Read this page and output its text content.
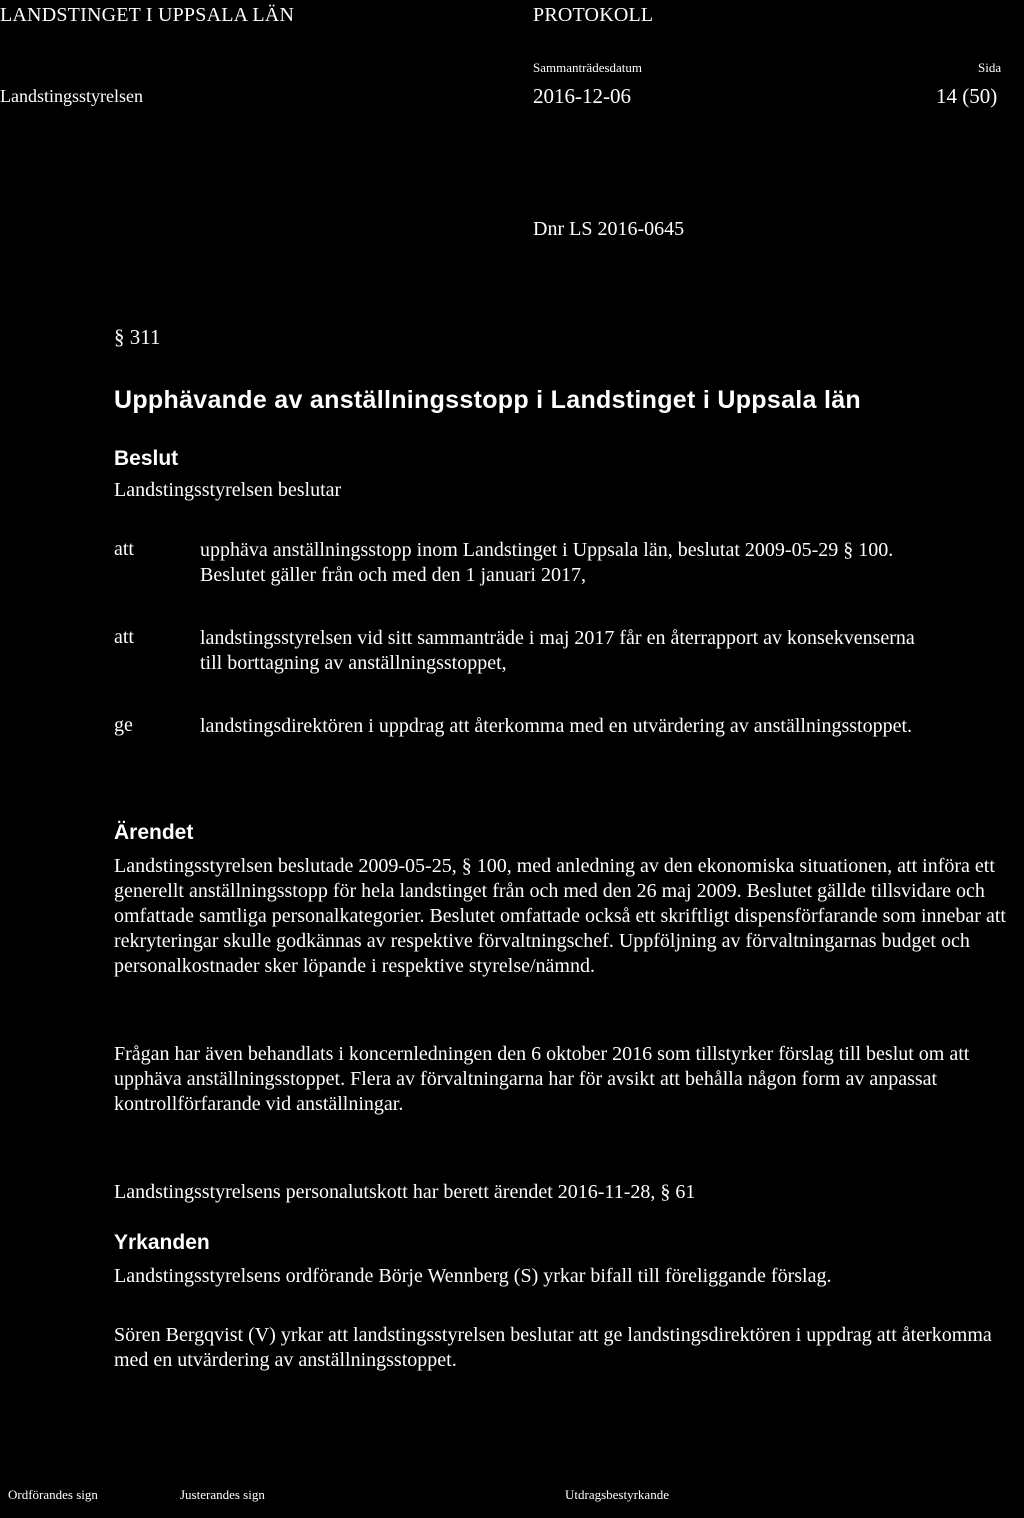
LANDSTINGET I UPPSALA LÄN	PROTOKOLL
Sammanträdesdatum	Sida
Landstingsstyrelsen	2016-12-06	14 (50)
Dnr LS 2016-0645
§ 311
Upphävande av anställningsstopp i Landstinget i Uppsala län
Beslut
Landstingsstyrelsen beslutar
att	upphäva anställningsstopp inom Landstinget i Uppsala län, beslutat 2009-05-29 § 100. Beslutet gäller från och med den 1 januari 2017,
att	landstingsstyrelsen vid sitt sammanträde i maj 2017 får en återrapport av konsekvenserna till borttagning av anställningsstoppet,
ge	landstingsdirektören i uppdrag att återkomma med en utvärdering av anställningsstoppet.
Ärendet

Landstingsstyrelsen beslutade 2009-05-25, § 100, med anledning av den ekonomiska situationen, att införa ett generellt anställningsstopp för hela landstinget från och med den 26 maj 2009. Beslutet gällde tillsvidare och omfattade samtliga personalkategorier. Beslutet omfattade också ett skriftligt dispensförfarande som innebar att rekryteringar skulle godkännas av respektive förvaltningschef. Uppföljning av förvaltningarnas budget och personalkostnader sker löpande i respektive styrelse/nämnd.

Frågan har även behandlats i koncernledningen den 6 oktober 2016 som tillstyrker förslag till beslut om att upphäva anställningsstoppet. Flera av förvaltningarna har för avsikt att behålla någon form av anpassat kontrollförfarande vid anställningar.

Landstingsstyrelsens personalutskott har berett ärendet 2016-11-28, § 61

Yrkanden

Landstingsstyrelsens ordförande Börje Wennberg (S) yrkar bifall till föreliggande förslag.

Sören Bergqvist (V) yrkar att landstingsstyrelsen beslutar att ge landstingsdirektören i uppdrag att återkomma med en utvärdering av anställningsstoppet.

Ordförandes sign	Justerandes sign	Utdragsbestyrkande
